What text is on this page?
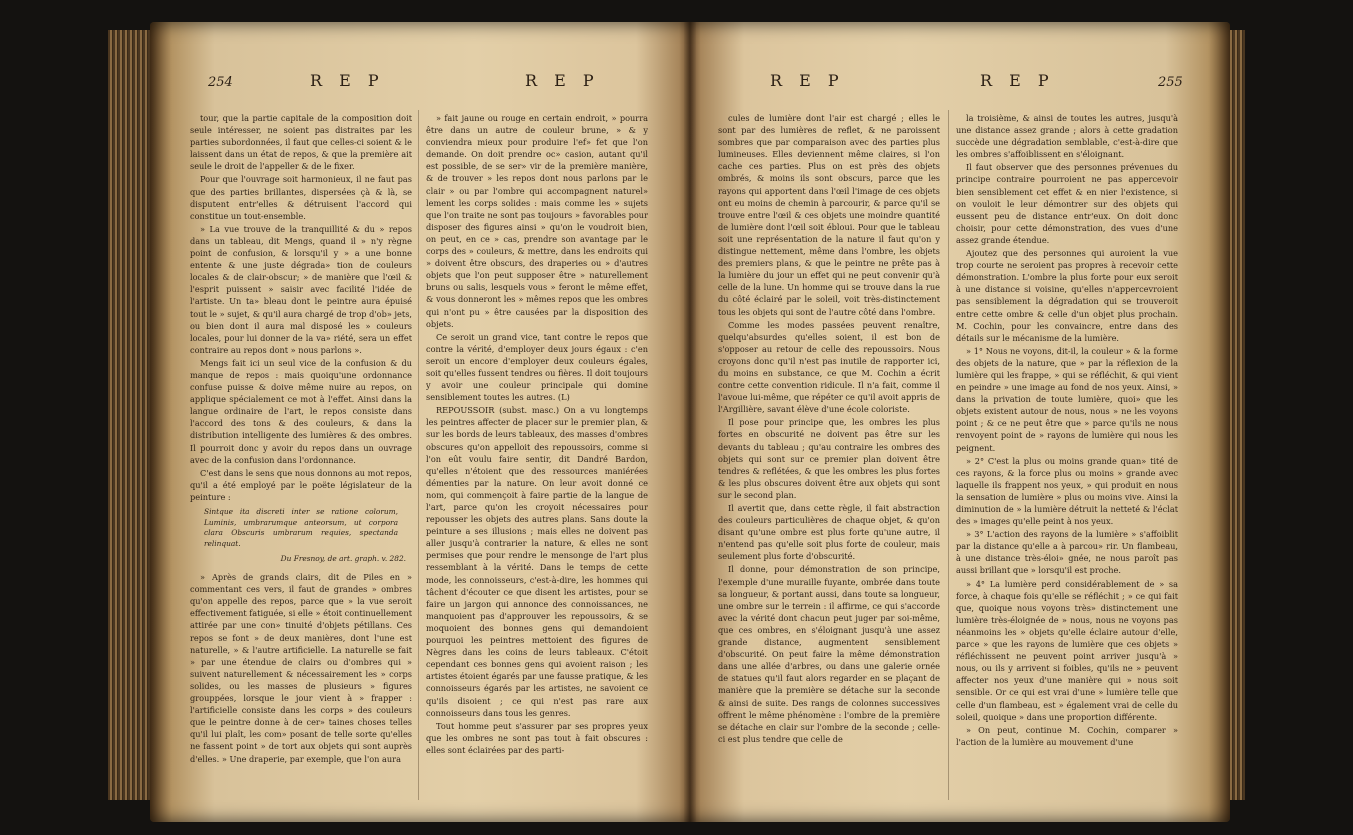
254	R E P	R E P

tour, que la partie capitale de la composition doit seule intéresser, ne soient pas distraites par les parties subordonnées, il faut que celles-ci soient & le laissent dans un état de repos, & que la première ait seule le droit de l'appeller & de le fixer.

Pour que l'ouvrage soit harmonieux, il ne faut pas que des parties brillantes, dispersées çà & là, se disputent entr'elles & détruisent l'accord qui constitue un tout-ensemble.

» La vue trouve de la tranquillité & du » repos dans un tableau, dit Mengs, quand il » n'y règne point de confusion, & lorsqu'il y » a une bonne entente & une juste dégrada» tion de couleurs locales & de clair-obscur; » de manière que l'œil & l'esprit puissent » saisir avec facilité l'idée de l'artiste. Un ta» bleau dont le peintre aura épuisé tout le » sujet, & qu'il aura chargé de trop d'ob» jets, ou bien dont il aura mal disposé les » couleurs locales, pour lui donner de la va» riété, sera un effet contraire au repos dont » nous parlons ».

Mengs fait ici un seul vice de la confusion & du manque de repos : mais quoiqu'une ordonnance confuse puisse & doive même nuire au repos, on applique spécialement ce mot à l'effet. Ainsi dans la langue ordinaire de l'art, le repos consiste dans l'accord des tons & des couleurs, & dans la distribution intelligente des lumières & des ombres. Il pourroit donc y avoir du repos dans un ouvrage avec de la confusion dans l'ordonnance.

C'est dans le sens que nous donnons au mot repos, qu'il a été employé par le poëte législateur de la peinture :

Sintque ita discreti inter se ratione colorum, Luminis, umbrarumque anteorsum, ut corpora clara Obscuris umbrarum requies, spectanda relinquat.

Du Fresnoy, de art. graph. v. 282.

» Après de grands clairs, dit de Piles en » commentant ces vers, il faut de grandes » ombres qu'on appelle des repos, parce que » la vue seroit effectivement fatiguée, si elle » étoit continuellement attirée par une con» tinuité d'objets pétillans. Ces repos se font » de deux manières, dont l'une est naturelle, » & l'autre artificielle. La naturelle se fait » par une étendue de clairs ou d'ombres qui » suivent naturellement & nécessairement les » corps solides, ou les masses de plusieurs » figures grouppées, lorsque le jour vient à » frapper : l'artificielle consiste dans les corps » des couleurs que le peintre donne à de cer» taines choses telles qu'il lui plaît, les com» posant de telle sorte qu'elles ne fassent point » de tort aux objets qui sont auprès d'elles. » Une draperie, par exemple, que l'on aura

» fait jaune ou rouge en certain endroit, » pourra être dans un autre de couleur brune, » & y conviendra mieux pour produire l'ef» fet que l'on demande. On doit prendre oc» casion, autant qu'il est possible, de se ser» vir de la première manière, & de trouver » les repos dont nous parlons par le clair » ou par l'ombre qui accompagnent naturel» lement les corps solides : mais comme les » sujets que l'on traite ne sont pas toujours » favorables pour disposer des figures ainsi » qu'on le voudroit bien, on peut, en ce » cas, prendre son avantage par le corps des » couleurs, & mettre, dans les endroits qui » doivent être obscurs, des draperies ou » d'autres objets que l'on peut supposer être » naturellement bruns ou salis, lesquels vous » feront le même effet, & vous donneront les » mêmes repos que les ombres qui n'ont pu » être causées par la disposition des objets.

Ce seroit un grand vice, tant contre le repos que contre la vérité, d'employer deux jours égaux : c'en seroit un encore d'employer deux couleurs égales, soit qu'elles fussent tendres ou fières. Il doit toujours y avoir une couleur principale qui domine sensiblement toutes les autres. (L)

REPOUSSOIR (subst. masc.) On a vu longtemps les peintres affecter de placer sur le premier plan, & sur les bords de leurs tableaux, des masses d'ombres obscures qu'on appelloit des repoussoirs, comme si l'on eût voulu faire sentir, dit Dandré Bardon, qu'elles n'étoient que des ressources maniérées démenties par la nature. On leur avoit donné ce nom, qui commençoit à faire partie de la langue de l'art, parce qu'on les croyoit nécessaires pour repousser les objets des autres plans. Sans doute la peinture a ses illusions ; mais elles ne doivent pas aller jusqu'à contrarier la nature, & elles ne sont permises que pour rendre le mensonge de l'art plus ressemblant à la vérité. Dans le temps de cette mode, les connoisseurs, c'est-à-dire, les hommes qui tâchent d'écouter ce que disent les artistes, pour se faire un jargon qui annonce des connoissances, ne manquoient pas d'approuver les repoussoirs, & se moquoient des bonnes gens qui demandoient pourquoi les peintres mettoient des figures de Nègres dans les coins de leurs tableaux. C'étoit cependant ces bonnes gens qui avoient raison ; les artistes étoient égarés par une fausse pratique, & les connoisseurs égarés par les artistes, ne savoient ce qu'ils disoient ; ce qui n'est pas rare aux connoisseurs dans tous les genres.

Tout homme peut s'assurer par ses propres yeux que les ombres ne sont pas tout à fait obscures : elles sont éclairées par des parti-

R E P	R E P	255

cules de lumière dont l'air est chargé ; elles le sont par des lumières de reflet, & ne paroissent sombres que par comparaison avec des parties plus lumineuses. Elles deviennent même claires, si l'on cache ces parties. Plus on est près des objets ombrés, & moins ils sont obscurs, parce que les rayons qui apportent dans l'œil l'image de ces objets ont eu moins de chemin à parcourir, & parce qu'il se trouve entre l'œil & ces objets une moindre quantité de lumière dont l'œil soit ébloui. Pour que le tableau soit une représentation de la nature il faut qu'on y distingue nettement, même dans l'ombre, les objets des premiers plans, & que le peintre ne prête pas à la lumière du jour un effet qui ne peut convenir qu'à celle de la lune. Un homme qui se trouve dans la rue du côté éclairé par le soleil, voit très-distinctement tous les objets qui sont de l'autre côté dans l'ombre.

Comme les modes passées peuvent renaître, quelqu'absurdes qu'elles soient, il est bon de s'opposer au retour de celle des repoussoirs. Nous croyons donc qu'il n'est pas inutile de rapporter ici, du moins en substance, ce que M. Cochin a écrit contre cette convention ridicule. Il n'a fait, comme il l'avoue lui-même, que répéter ce qu'il avoit appris de l'Argillière, savant élève d'une école coloriste.

Il pose pour principe que, les ombres les plus fortes en obscurité ne doivent pas être sur les devants du tableau ; qu'au contraire les ombres des objets qui sont sur ce premier plan doivent être tendres & reflétées, & que les ombres les plus fortes & les plus obscures doivent être aux objets qui sont sur le second plan.

Il avertit que, dans cette règle, il fait abstraction des couleurs particulières de chaque objet, & qu'on disant qu'une ombre est plus forte qu'une autre, il n'entend pas qu'elle soit plus forte de couleur, mais seulement plus forte d'obscurité.

Il donne, pour démonstration de son principe, l'exemple d'une muraille fuyante, ombrée dans toute sa longueur, & portant aussi, dans toute sa longueur, une ombre sur le terrein : il affirme, ce qui s'accorde avec la vérité dont chacun peut juger par soi-même, que ces ombres, en s'éloignant jusqu'à une assez grande distance, augmentent sensiblement d'obscurité. On peut faire la même démonstration dans une allée d'arbres, ou dans une galerie ornée de statues qu'il faut alors regarder en se plaçant de manière que la première se détache sur la seconde & ainsi de suite. Des rangs de colonnes successives offrent le même phénomène : l'ombre de la première se détache en clair sur l'ombre de la seconde ; celle-ci est plus tendre que celle de

la troisième, & ainsi de toutes les autres, jusqu'à une distance assez grande ; alors à cette gradation succède une dégradation semblable, c'est-à-dire que les ombres s'affoiblissent en s'éloignant.

Il faut observer que des personnes prévenues du principe contraire pourroient ne pas appercevoir bien sensiblement cet effet & en nier l'existence, si on vouloit le leur démontrer sur des objets qui eussent peu de distance entr'eux. On doit donc choisir, pour cette démonstration, des vues d'une assez grande étendue.

Ajoutez que des personnes qui auroient la vue trop courte ne seroient pas propres à recevoir cette démonstration. L'ombre la plus forte pour eux seroit à une distance si voisine, qu'elles n'appercevroient pas sensiblement la dégradation qui se trouveroit entre cette ombre & celle d'un objet plus prochain. M. Cochin, pour les convaincre, entre dans des détails sur le mécanisme de la lumière.

» 1° Nous ne voyons, dit-il, la couleur » & la forme des objets de la nature, que » par la réflexion de la lumière qui les frappe, » qui se réfléchit, & qui vient en peindre » une image au fond de nos yeux. Ainsi, » dans la privation de toute lumière, quoi» que les objets existent autour de nous, nous » ne les voyons point ; & ce ne peut être que » parce qu'ils ne nous renvoyent point de » rayons de lumière qui nous les peignent.

» 2° C'est la plus ou moins grande quan» tité de ces rayons, & la force plus ou moins » grande avec laquelle ils frappent nos yeux, » qui produit en nous la sensation de lumière » plus ou moins vive. Ainsi la diminution de » la lumière détruit la netteté & l'éclat des » images qu'elle peint à nos yeux.

» 3° L'action des rayons de la lumière » s'affoiblit par la distance qu'elle a à parcou» rir. Un flambeau, à une distance très-éloi» gnée, ne nous paroît pas aussi brillant que » lorsqu'il est proche.

» 4° La lumière perd considérablement de » sa force, à chaque fois qu'elle se réfléchit ; » ce qui fait que, quoique nous voyons très» distinctement une lumière très-éloignée de » nous, nous ne voyons pas néanmoins les » objets qu'elle éclaire autour d'elle, parce » que les rayons de lumière que ces objets » réfléchissent ne peuvent point arriver jusqu'à » nous, ou ils y arrivent si foibles, qu'ils ne » peuvent affecter nos yeux d'une manière qui » nous soit sensible. Or ce qui est vrai d'une » lumière telle que celle d'un flambeau, est » également vrai de celle du soleil, quoique » dans une proportion différente.

» On peut, continue M. Cochin, comparer » l'action de la lumière au mouvement d'une
